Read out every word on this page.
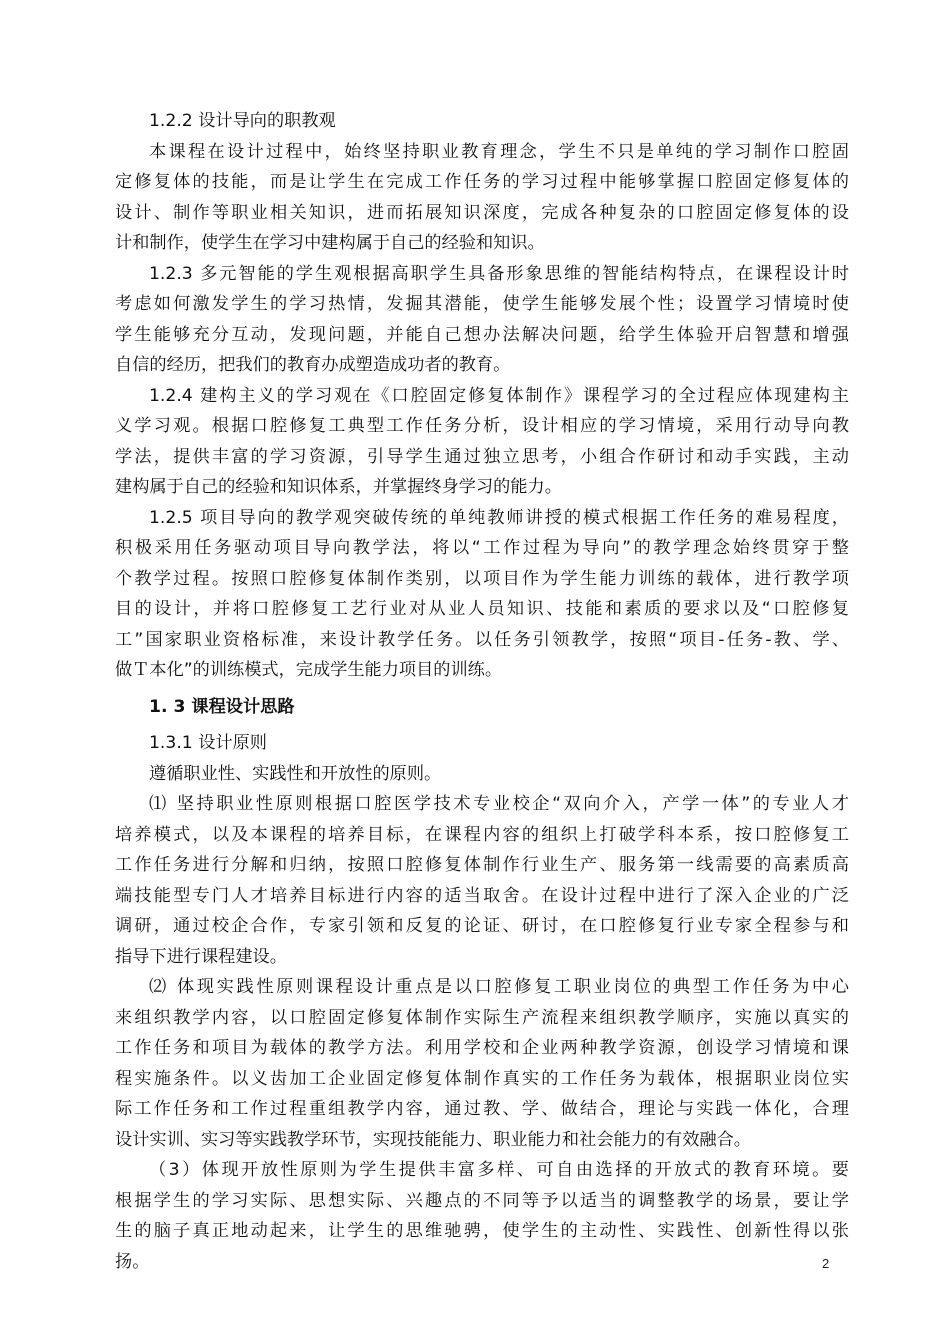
1.2.2 设计导向的职教观
本课程在设计过程中，始终坚持职业教育理念，学生不只是单纯的学习制作口腔固
定修复体的技能，而是让学生在完成工作任务的学习过程中能够掌握口腔固定修复体的
设计、制作等职业相关知识，进而拓展知识深度，完成各种复杂的口腔固定修复体的设
计和制作，使学生在学习中建构属于自己的经验和知识。
1.2.3 多元智能的学生观根据高职学生具备形象思维的智能结构特点，在课程设计时
考虑如何激发学生的学习热情，发掘其潜能，使学生能够发展个性；设置学习情境时使
学生能够充分互动，发现问题，并能自己想办法解决问题，给学生体验开启智慧和增强
自信的经历，把我们的教育办成塑造成功者的教育。
1.2.4 建构主义的学习观在《口腔固定修复体制作》课程学习的全过程应体现建构主
义学习观。根据口腔修复工典型工作任务分析，设计相应的学习情境，采用行动导向教
学法，提供丰富的学习资源，引导学生通过独立思考，小组合作研讨和动手实践，主动
建构属于自己的经验和知识体系，并掌握终身学习的能力。
1.2.5 项目导向的教学观突破传统的单纯教师讲授的模式根据工作任务的难易程度，
积极采用任务驱动项目导向教学法，将以“工作过程为导向”的教学理念始终贯穿于整
个教学过程。按照口腔修复体制作类别，以项目作为学生能力训练的载体，进行教学项
目的设计，并将口腔修复工艺行业对从业人员知识、技能和素质的要求以及“口腔修复
工”国家职业资格标准，来设计教学任务。以任务引领教学，按照“项目-任务-教、学、
做Ｔ本化”的训练模式，完成学生能力项目的训练。
1. 3 课程设计思路
1.3.1 设计原则
遵循职业性、实践性和开放性的原则。
⑴ 坚持职业性原则根据口腔医学技术专业校企“双向介入，产学一体”的专业人才
培养模式，以及本课程的培养目标，在课程内容的组织上打破学科本系，按口腔修复工
工作任务进行分解和归纳，按照口腔修复体制作行业生产、服务第一线需要的高素质高
端技能型专门人才培养目标进行内容的适当取舍。在设计过程中进行了深入企业的广泛
调研，通过校企合作，专家引领和反复的论证、研讨，在口腔修复行业专家全程参与和
指导下进行课程建设。
⑵ 体现实践性原则课程设计重点是以口腔修复工职业岗位的典型工作任务为中心
来组织教学内容，以口腔固定修复体制作实际生产流程来组织教学顺序，实施以真实的
工作任务和项目为载体的教学方法。利用学校和企业两种教学资源，创设学习情境和课
程实施条件。以义齿加工企业固定修复体制作真实的工作任务为载体，根据职业岗位实
际工作任务和工作过程重组教学内容，通过教、学、做结合，理论与实践一体化，合理
设计实训、实习等实践教学环节，实现技能能力、职业能力和社会能力的有效融合。
（3）体现开放性原则为学生提供丰富多样、可自由选择的开放式的教育环境。要
根据学生的学习实际、思想实际、兴趣点的不同等予以适当的调整教学的场景，要让学
生的脑子真正地动起来，让学生的思维驰骋，使学生的主动性、实践性、创新性得以张
扬。	2
